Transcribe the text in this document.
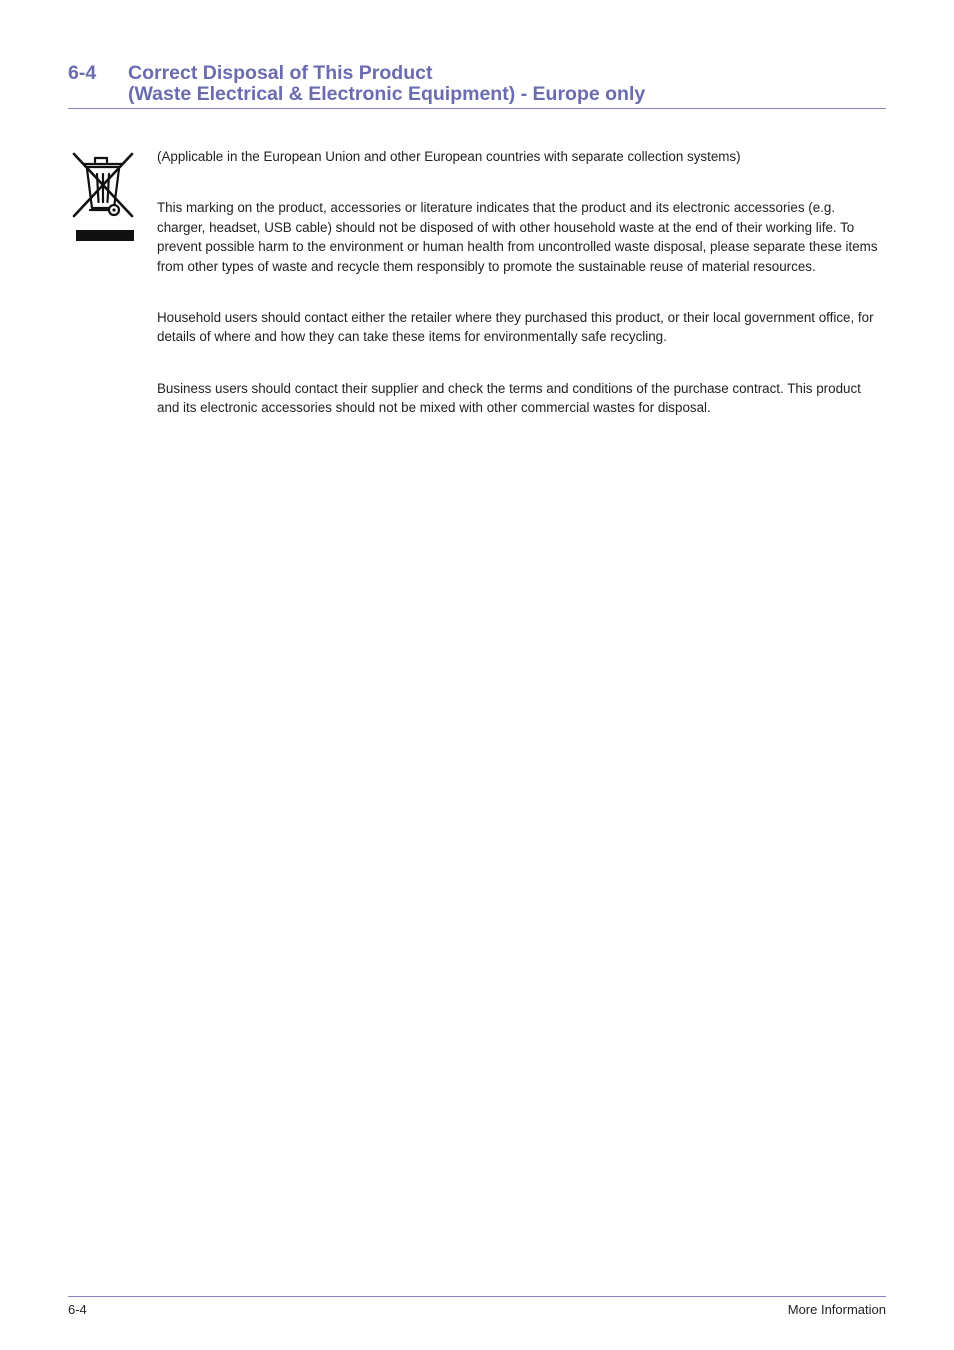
6-4	Correct Disposal of This Product
(Waste Electrical & Electronic Equipment) - Europe only

(Applicable in the European Union and other European countries with separate collection systems)

This marking on the product, accessories or literature indicates that the product and its electronic accessories (e.g. charger, headset, USB cable) should not be disposed of with other household waste at the end of their working life. To prevent possible harm to the environment or human health from uncontrolled waste disposal, please separate these items from other types of waste and recycle them responsibly to promote the sustainable reuse of material resources.

Household users should contact either the retailer where they purchased this product, or their local government office, for details of where and how they can take these items for environmentally safe recycling.

Business users should contact their supplier and check the terms and conditions of the purchase contract. This product and its electronic accessories should not be mixed with other commercial wastes for disposal.

6-4	More Information
